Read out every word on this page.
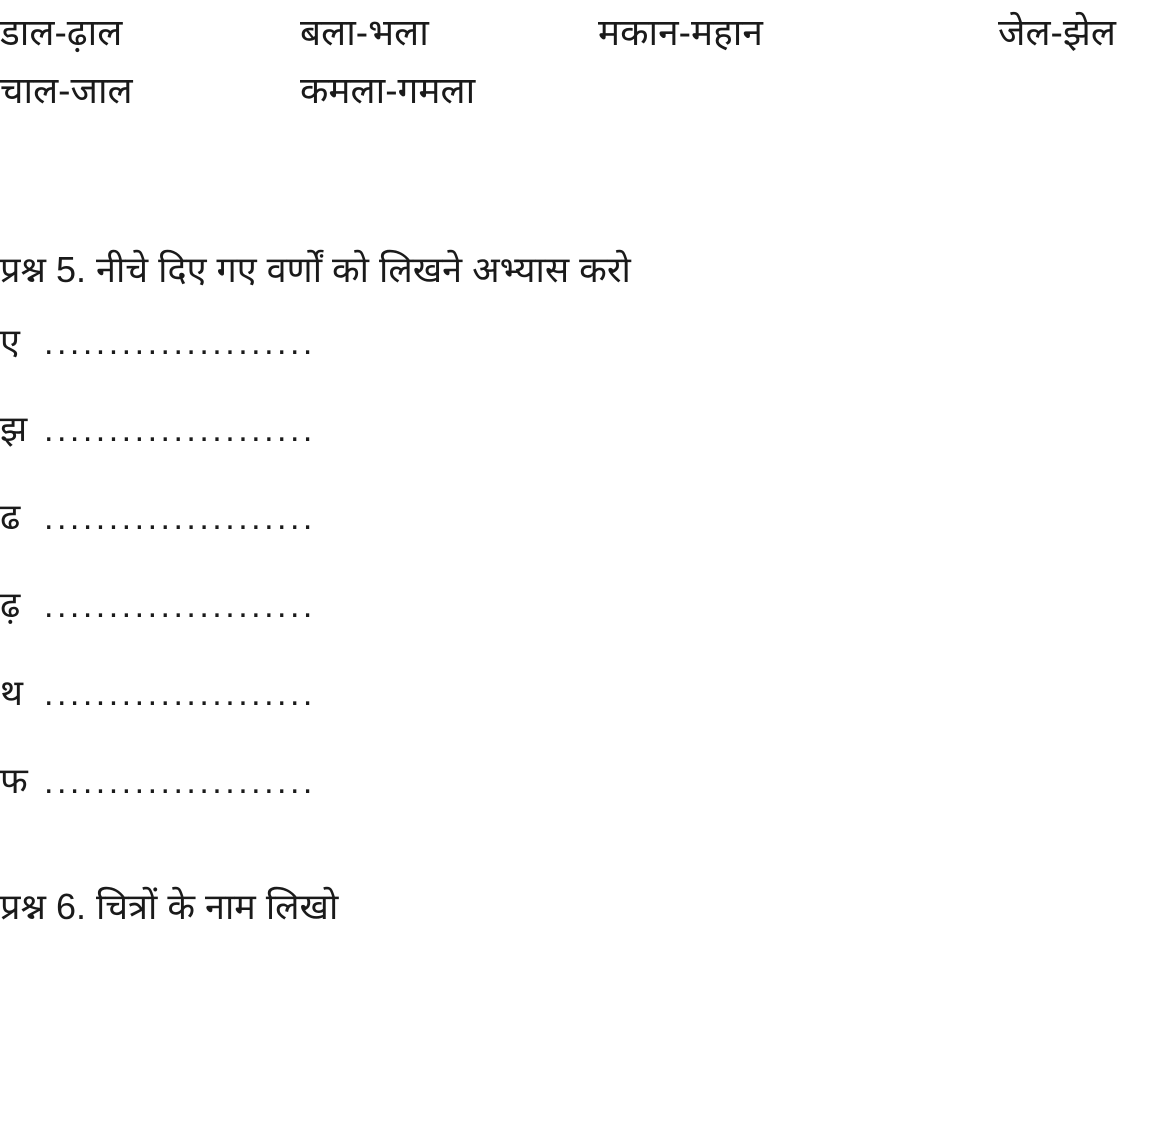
डाल-ढ़ाल	बला-भला	मकान-महान	जेल-झेल
चाल-जाल	कमला-गमला
प्रश्न 5. नीचे दिए गए वर्णों को लिखने अभ्यास करो
ए .....................
झ .....................
ढ .....................
ढ़ .....................
थ .....................
फ .....................
प्रश्न 6. चित्रों के नाम लिखो
